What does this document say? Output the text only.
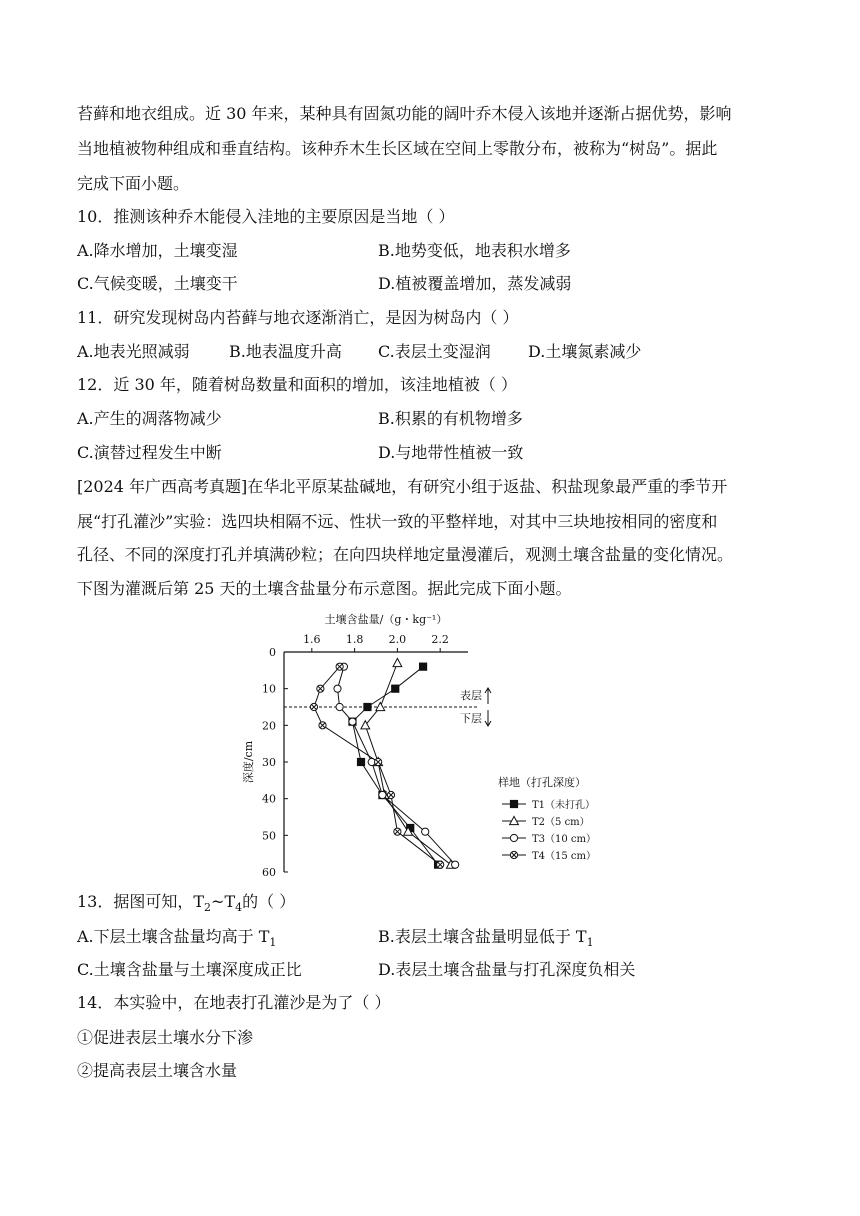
苔藓和地衣组成。近 30 年来，某种具有固氮功能的阔叶乔木侵入该地并逐渐占据优势，影响
当地植被物种组成和垂直结构。该种乔木生长区域在空间上零散分布，被称为“树岛”。据此
完成下面小题。
10．推测该种乔木能侵入洼地的主要原因是当地（ ）
A.降水增加，土壤变湿	B.地势变低，地表积水增多
C.气候变暖，土壤变干	D.植被覆盖增加，蒸发减弱
11．研究发现树岛内苔藓与地衣逐渐消亡，是因为树岛内（ ）
A.地表光照减弱 B.地表温度升高 C.表层土变湿润 D.土壤氮素减少
12．近 30 年，随着树岛数量和面积的增加，该洼地植被（ ）
A.产生的凋落物减少	B.积累的有机物增多
C.演替过程发生中断	D.与地带性植被一致
[2024 年广西高考真题]在华北平原某盐碱地，有研究小组于返盐、积盐现象最严重的季节开
展“打孔灌沙”实验：选四块相隔不远、性状一致的平整样地，对其中三块地按相同的密度和
孔径、不同的深度打孔并填满砂粒；在向四块样地定量漫灌后，观测土壤含盐量的变化情况。
下图为灌溉后第 25 天的土壤含盐量分布示意图。据此完成下面小题。
土壤含盐量/（g・kg⁻¹）
1.6 1.8 2.0 2.2
0
10
20
30
40
50
60
深度/cm
表层
下层
样地（打孔深度）
T1（未打孔）
T2（5 cm）
T3（10 cm）
T4（15 cm）
13．据图可知，$T_2\sim T_4$的（ ）
A.下层土壤含盐量均高于 $T_1$	B.表层土壤含盐量明显低于 $T_1$
C.土壤含盐量与土壤深度成正比	D.表层土壤含盐量与打孔深度负相关
14．本实验中，在地表打孔灌沙是为了（ ）
①促进表层土壤水分下渗
②提高表层土壤含水量
